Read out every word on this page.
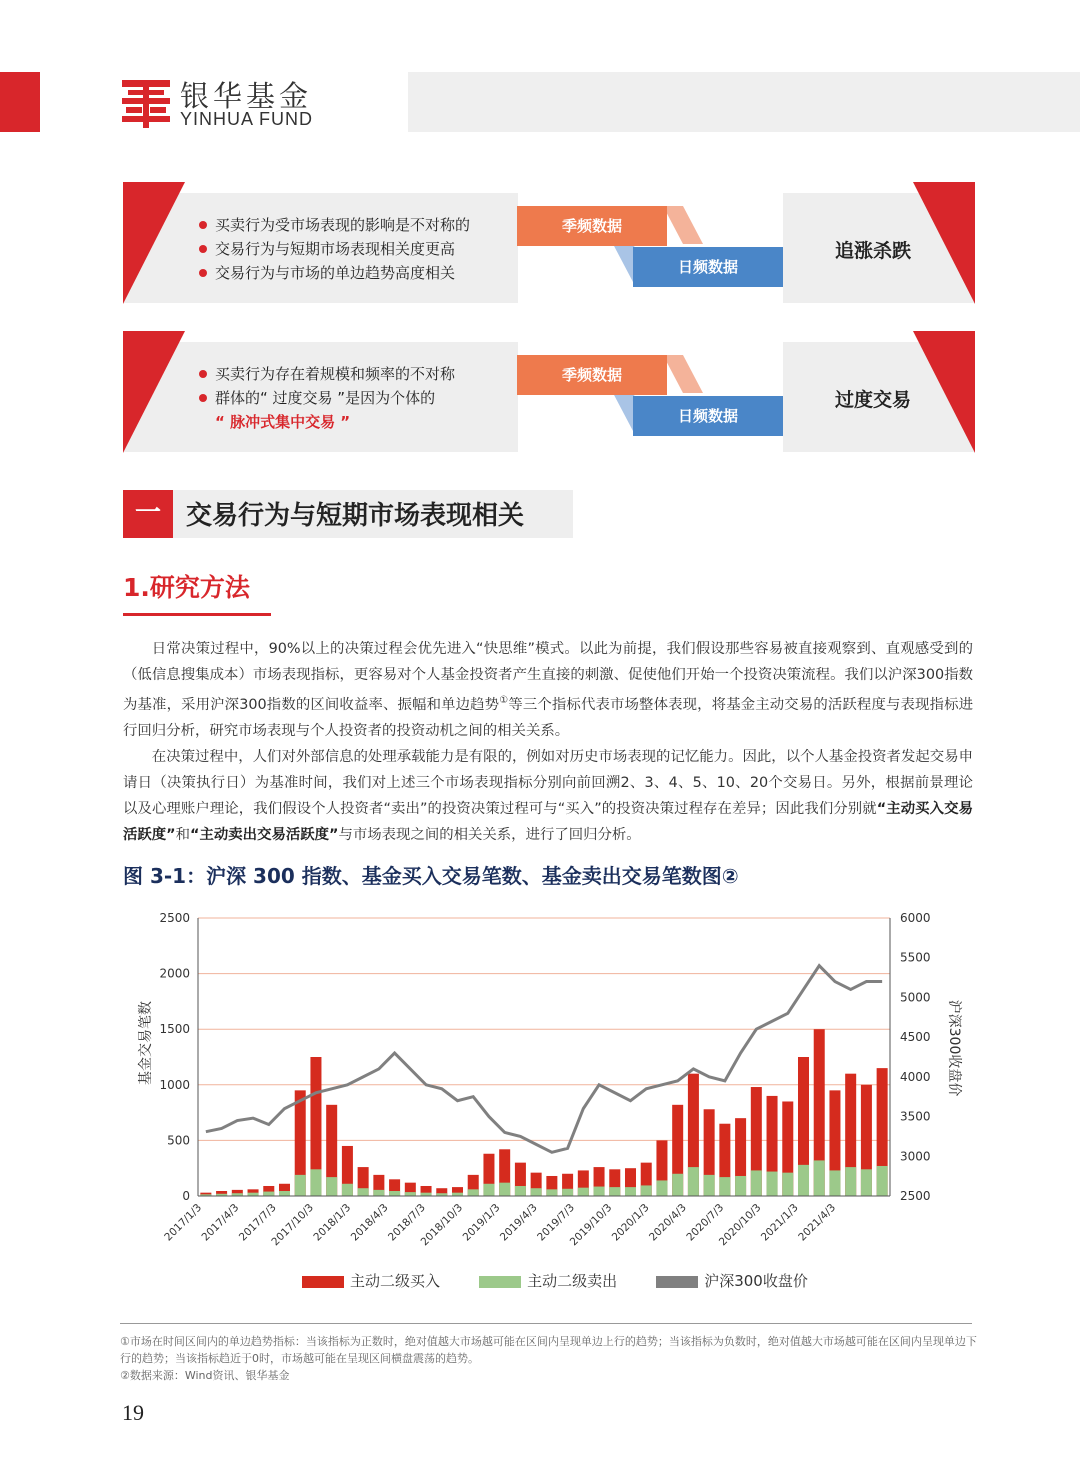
银华基金
YINHUA FUND
买卖行为受市场表现的影响是不对称的
交易行为与短期市场表现相关度更高
交易行为与市场的单边趋势高度相关
季频数据
日频数据
追涨杀跌
买卖行为存在着规模和频率的不对称
群体的“ 过度交易 ”是因为个体的
“ 脉冲式集中交易 ”
季频数据
日频数据
过度交易
一 交易行为与短期市场表现相关
1.研究方法

日常决策过程中，90%以上的决策过程会优先进入“快思维”模式。以此为前提，我们假设那些容易被直接观察到、直观感受到的（低信息搜集成本）市场表现指标，更容易对个人基金投资者产生直接的刺激、促使他们开始一个投资决策流程。我们以沪深300指数为基准，采用沪深300指数的区间收益率、振幅和单边趋势①等三个指标代表市场整体表现，将基金主动交易的活跃程度与表现指标进行回归分析，研究市场表现与个人投资者的投资动机之间的相关关系。

在决策过程中，人们对外部信息的处理承载能力是有限的，例如对历史市场表现的记忆能力。因此，以个人基金投资者发起交易申请日（决策执行日）为基准时间，我们对上述三个市场表现指标分别向前回溯2、3、4、5、10、20个交易日。另外，根据前景理论以及心理账户理论，我们假设个人投资者“卖出”的投资决策过程可与“买入”的投资决策过程存在差异；因此我们分别就“主动买入交易活跃度”和“主动卖出交易活跃度”与市场表现之间的相关关系，进行了回归分析。

图 3-1：沪深 300 指数、基金买入交易笔数、基金卖出交易笔数图②
0
500
1000
1500
2000
2500
2500
3000
3500
4000
4500
5000
5500
6000
2017/1/3
2017/4/3
2017/7/3
2017/10/3
2018/1/3
2018/4/3
2018/7/3
2018/10/3
2019/1/3
2019/4/3
2019/7/3
2019/10/3
2020/1/3
2020/4/3
2020/7/3
2020/10/3
2021/1/3
2021/4/3
基金交易笔数	沪深300收盘价
主动二级买入	主动二级卖出	沪深300收盘价

①市场在时间区间内的单边趋势指标：当该指标为正数时，绝对值越大市场越可能在区间内呈现单边上行的趋势；当该指标为负数时，绝对值越大市场越可能在区间内呈现单边下行的趋势；当该指标趋近于0时，市场越可能在呈现区间横盘震荡的趋势。

②数据来源：Wind资讯、银华基金

19
